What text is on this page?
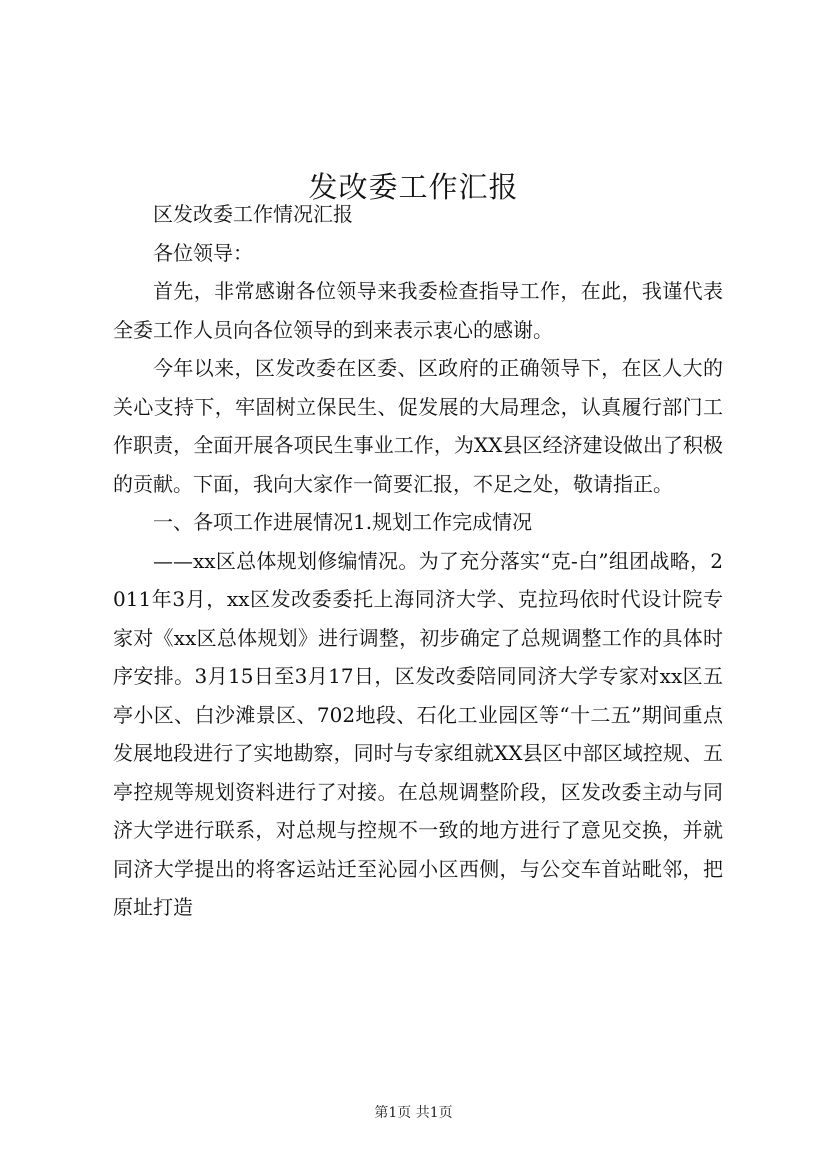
发改委工作汇报

区发改委工作情况汇报

各位领导：

首先，非常感谢各位领导来我委检查指导工作，在此，我谨代表全委工作人员向各位领导的到来表示衷心的感谢。

今年以来，区发改委在区委、区政府的正确领导下，在区人大的关心支持下，牢固树立保民生、促发展的大局理念，认真履行部门工作职责，全面开展各项民生事业工作，为XX县区经济建设做出了积极的贡献。下面，我向大家作一简要汇报，不足之处，敬请指正。

一、各项工作进展情况1.规划工作完成情况

——xx区总体规划修编情况。为了充分落实“克-白”组团战略，2011年3月，xx区发改委委托上海同济大学、克拉玛依时代设计院专家对《xx区总体规划》进行调整，初步确定了总规调整工作的具体时序安排。3月15日至3月17日，区发改委陪同同济大学专家对xx区五亭小区、白沙滩景区、702地段、石化工业园区等“十二五”期间重点发展地段进行了实地勘察，同时与专家组就XX县区中部区域控规、五亭控规等规划资料进行了对接。在总规调整阶段，区发改委主动与同济大学进行联系，对总规与控规不一致的地方进行了意见交换，并就同济大学提出的将客运站迁至沁园小区西侧，与公交车首站毗邻，把原址打造

第1页 共1页
